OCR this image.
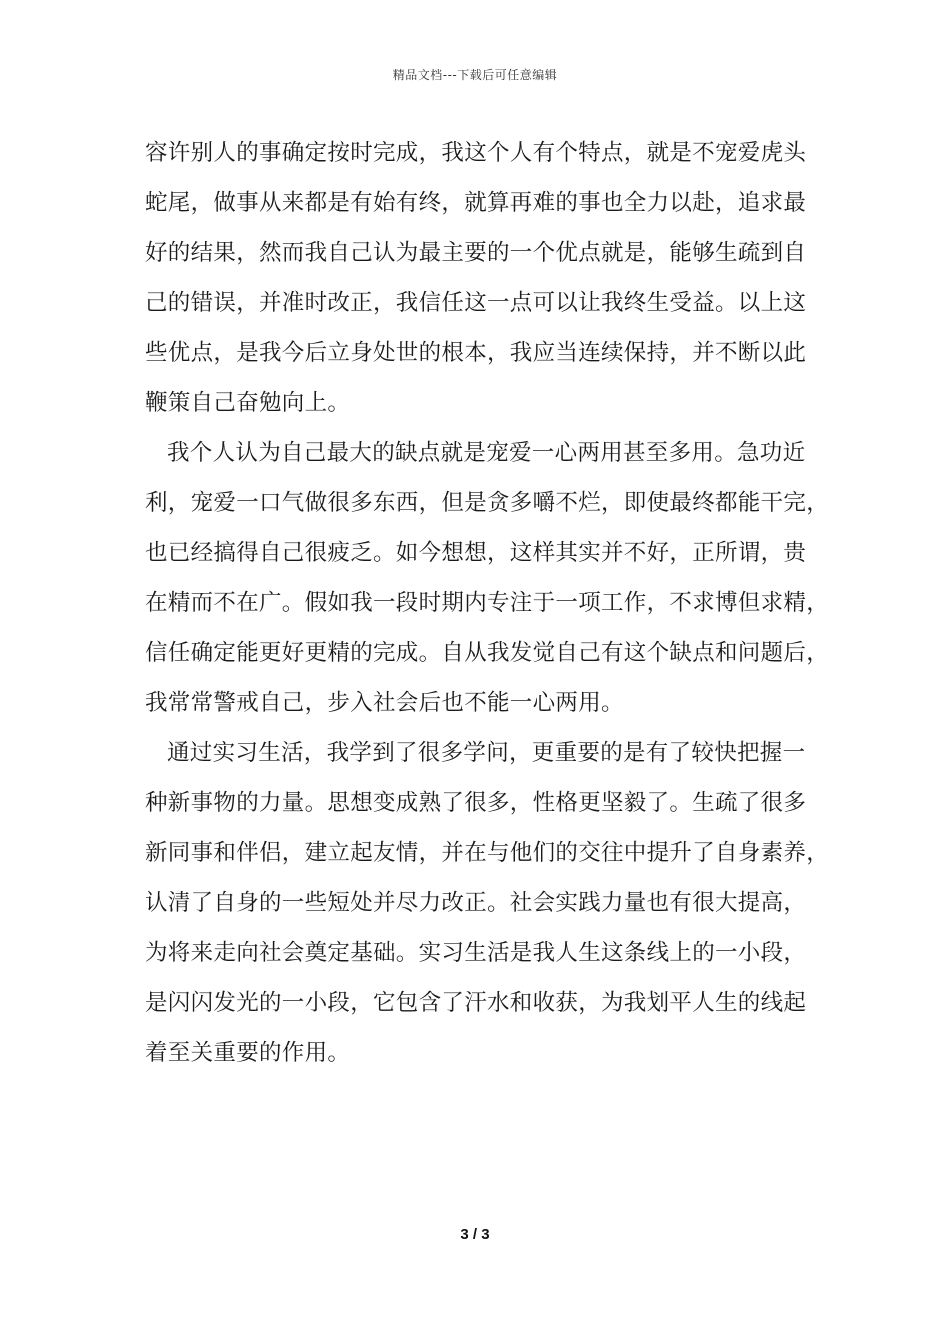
精品文档---下载后可任意编辑
容许别人的事确定按时完成，我这个人有个特点，就是不宠爱虎头
蛇尾，做事从来都是有始有终，就算再难的事也全力以赴，追求最
好的结果，然而我自己认为最主要的一个优点就是，能够生疏到自
己的错误，并准时改正，我信任这一点可以让我终生受益。以上这
些优点，是我今后立身处世的根本，我应当连续保持，并不断以此
鞭策自己奋勉向上。
我个人认为自己最大的缺点就是宠爱一心两用甚至多用。急功近
利，宠爱一口气做很多东西，但是贪多嚼不烂，即使最终都能干完，
也已经搞得自己很疲乏。如今想想，这样其实并不好，正所谓，贵
在精而不在广。假如我一段时期内专注于一项工作，不求博但求精，
信任确定能更好更精的完成。自从我发觉自己有这个缺点和问题后，
我常常警戒自己，步入社会后也不能一心两用。
通过实习生活，我学到了很多学问，更重要的是有了较快把握一
种新事物的力量。思想变成熟了很多，性格更坚毅了。生疏了很多
新同事和伴侣，建立起友情，并在与他们的交往中提升了自身素养，
认清了自身的一些短处并尽力改正。社会实践力量也有很大提高，
为将来走向社会奠定基础。实习生活是我人生这条线上的一小段，
是闪闪发光的一小段，它包含了汗水和收获，为我划平人生的线起
着至关重要的作用。
3 / 3
